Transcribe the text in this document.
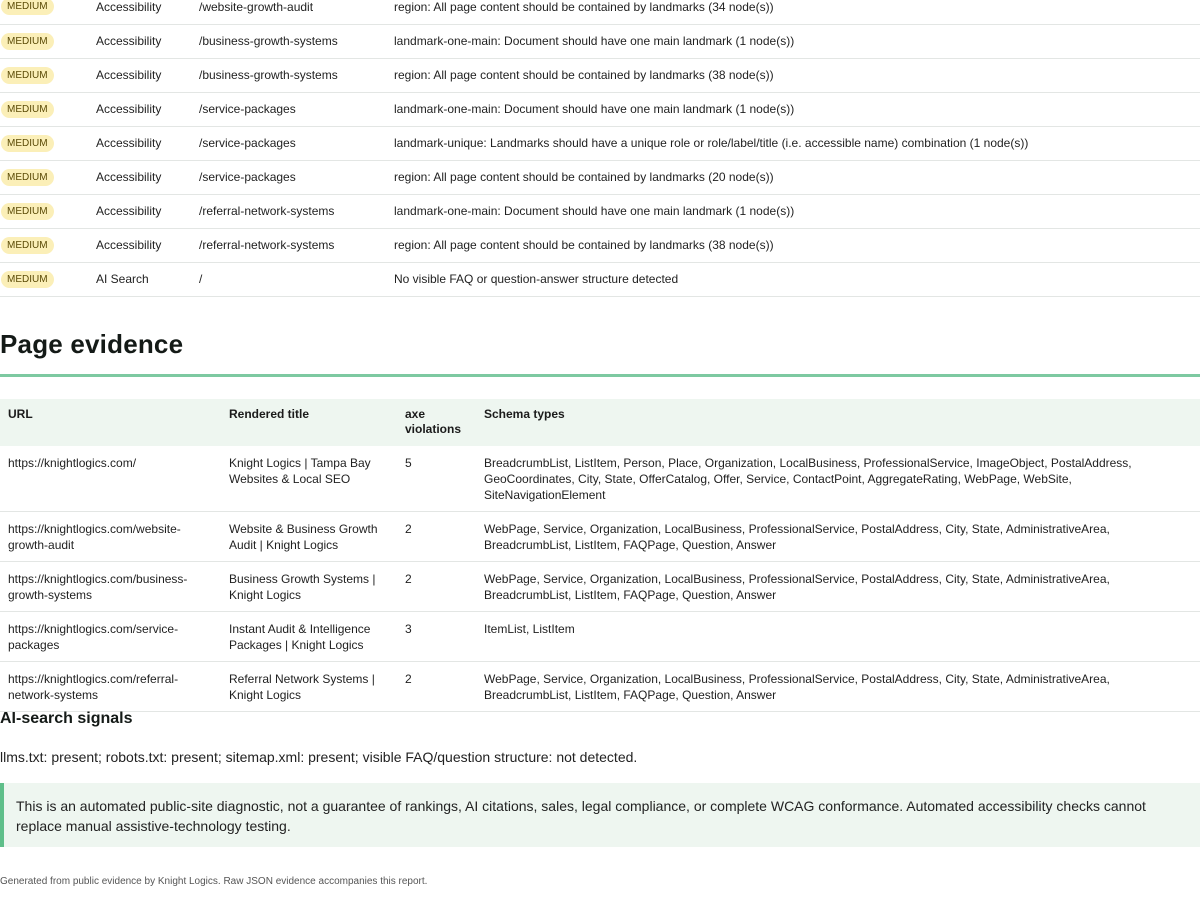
MEDIUM	Accessibility	/website-growth-audit	region: All page content should be contained by landmarks (34 node(s))
MEDIUM	Accessibility	/business-growth-systems	landmark-one-main: Document should have one main landmark (1 node(s))
MEDIUM	Accessibility	/business-growth-systems	region: All page content should be contained by landmarks (38 node(s))
MEDIUM	Accessibility	/service-packages	landmark-one-main: Document should have one main landmark (1 node(s))
MEDIUM	Accessibility	/service-packages	landmark-unique: Landmarks should have a unique role or role/label/title (i.e. accessible name) combination (1 node(s))
MEDIUM	Accessibility	/service-packages	region: All page content should be contained by landmarks (20 node(s))
MEDIUM	Accessibility	/referral-network-systems	landmark-one-main: Document should have one main landmark (1 node(s))
MEDIUM	Accessibility	/referral-network-systems	region: All page content should be contained by landmarks (38 node(s))
MEDIUM	AI Search	/	No visible FAQ or question-answer structure detected
Page evidence
URL	Rendered title	axe violations	Schema types
https://knightlogics.com/	Knight Logics | Tampa Bay Websites & Local SEO	5	BreadcrumbList, ListItem, Person, Place, Organization, LocalBusiness, ProfessionalService, ImageObject, PostalAddress, GeoCoordinates, City, State, OfferCatalog, Offer, Service, ContactPoint, AggregateRating, WebPage, WebSite, SiteNavigationElement
https://knightlogics.com/website-growth-audit	Website & Business Growth Audit | Knight Logics	2	WebPage, Service, Organization, LocalBusiness, ProfessionalService, PostalAddress, City, State, AdministrativeArea, BreadcrumbList, ListItem, FAQPage, Question, Answer
https://knightlogics.com/business-growth-systems	Business Growth Systems | Knight Logics	2	WebPage, Service, Organization, LocalBusiness, ProfessionalService, PostalAddress, City, State, AdministrativeArea, BreadcrumbList, ListItem, FAQPage, Question, Answer
https://knightlogics.com/service-packages	Instant Audit & Intelligence Packages | Knight Logics	3	ItemList, ListItem
https://knightlogics.com/referral-network-systems	Referral Network Systems | Knight Logics	2	WebPage, Service, Organization, LocalBusiness, ProfessionalService, PostalAddress, City, State, AdministrativeArea, BreadcrumbList, ListItem, FAQPage, Question, Answer
AI-search signals

llms.txt: present; robots.txt: present; sitemap.xml: present; visible FAQ/question structure: not detected.

This is an automated public-site diagnostic, not a guarantee of rankings, AI citations, sales, legal compliance, or complete WCAG conformance. Automated accessibility checks cannot replace manual assistive-technology testing.

Generated from public evidence by Knight Logics. Raw JSON evidence accompanies this report.
